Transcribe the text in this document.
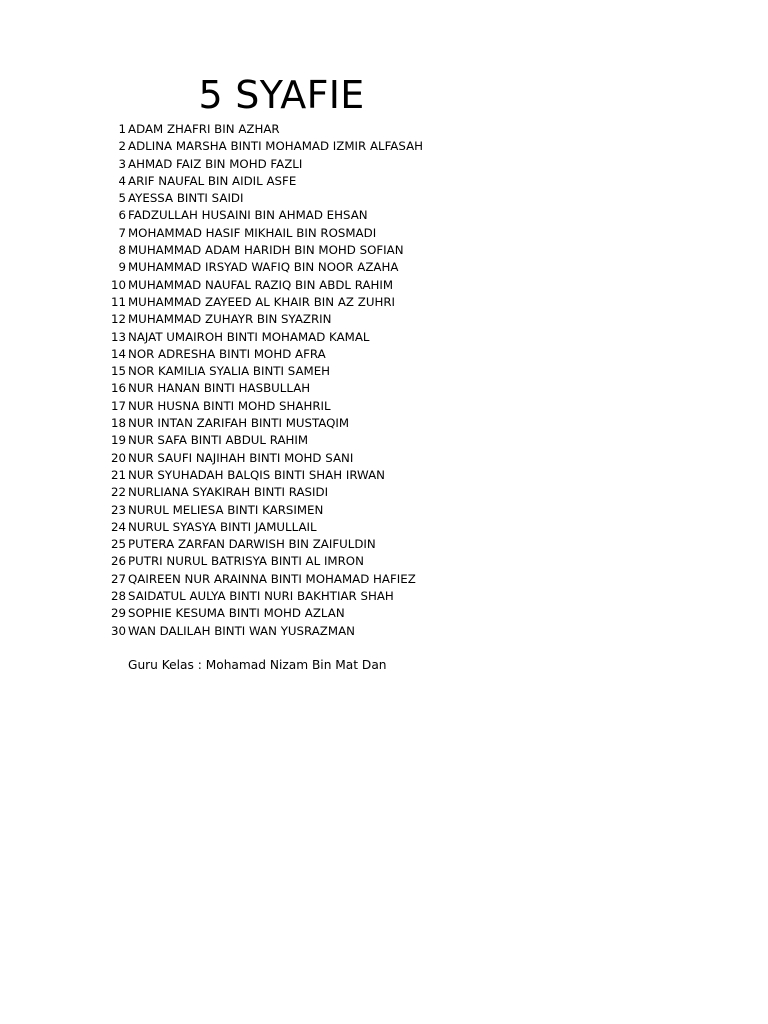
5 SYAFIE
1 ADAM ZHAFRI BIN AZHAR
2 ADLINA MARSHA BINTI MOHAMAD IZMIR ALFASAH
3 AHMAD FAIZ BIN MOHD FAZLI
4 ARIF NAUFAL BIN AIDIL ASFE
5 AYESSA BINTI SAIDI
6 FADZULLAH HUSAINI BIN AHMAD EHSAN
7 MOHAMMAD HASIF MIKHAIL BIN ROSMADI
8 MUHAMMAD ADAM HARIDH BIN MOHD SOFIAN
9 MUHAMMAD IRSYAD WAFIQ BIN NOOR AZAHA
10 MUHAMMAD NAUFAL RAZIQ BIN ABDL RAHIM
11 MUHAMMAD ZAYEED AL KHAIR BIN AZ ZUHRI
12 MUHAMMAD ZUHAYR BIN SYAZRIN
13 NAJAT UMAIROH BINTI MOHAMAD KAMAL
14 NOR ADRESHA BINTI MOHD AFRA
15 NOR KAMILIA SYALIA BINTI SAMEH
16 NUR HANAN BINTI HASBULLAH
17 NUR HUSNA BINTI MOHD SHAHRIL
18 NUR INTAN ZARIFAH BINTI MUSTAQIM
19 NUR SAFA BINTI ABDUL RAHIM
20 NUR SAUFI NAJIHAH BINTI MOHD SANI
21 NUR SYUHADAH BALQIS BINTI SHAH IRWAN
22 NURLIANA SYAKIRAH BINTI RASIDI
23 NURUL MELIESA BINTI KARSIMEN
24 NURUL SYASYA BINTI JAMULLAIL
25 PUTERA ZARFAN DARWISH BIN ZAIFULDIN
26 PUTRI NURUL BATRISYA BINTI AL IMRON
27 QAIREEN NUR ARAINNA BINTI MOHAMAD HAFIEZ
28 SAIDATUL AULYA BINTI NURI BAKHTIAR SHAH
29 SOPHIE KESUMA BINTI MOHD AZLAN
30 WAN DALILAH BINTI WAN YUSRAZMAN
Guru Kelas : Mohamad Nizam Bin Mat Dan
